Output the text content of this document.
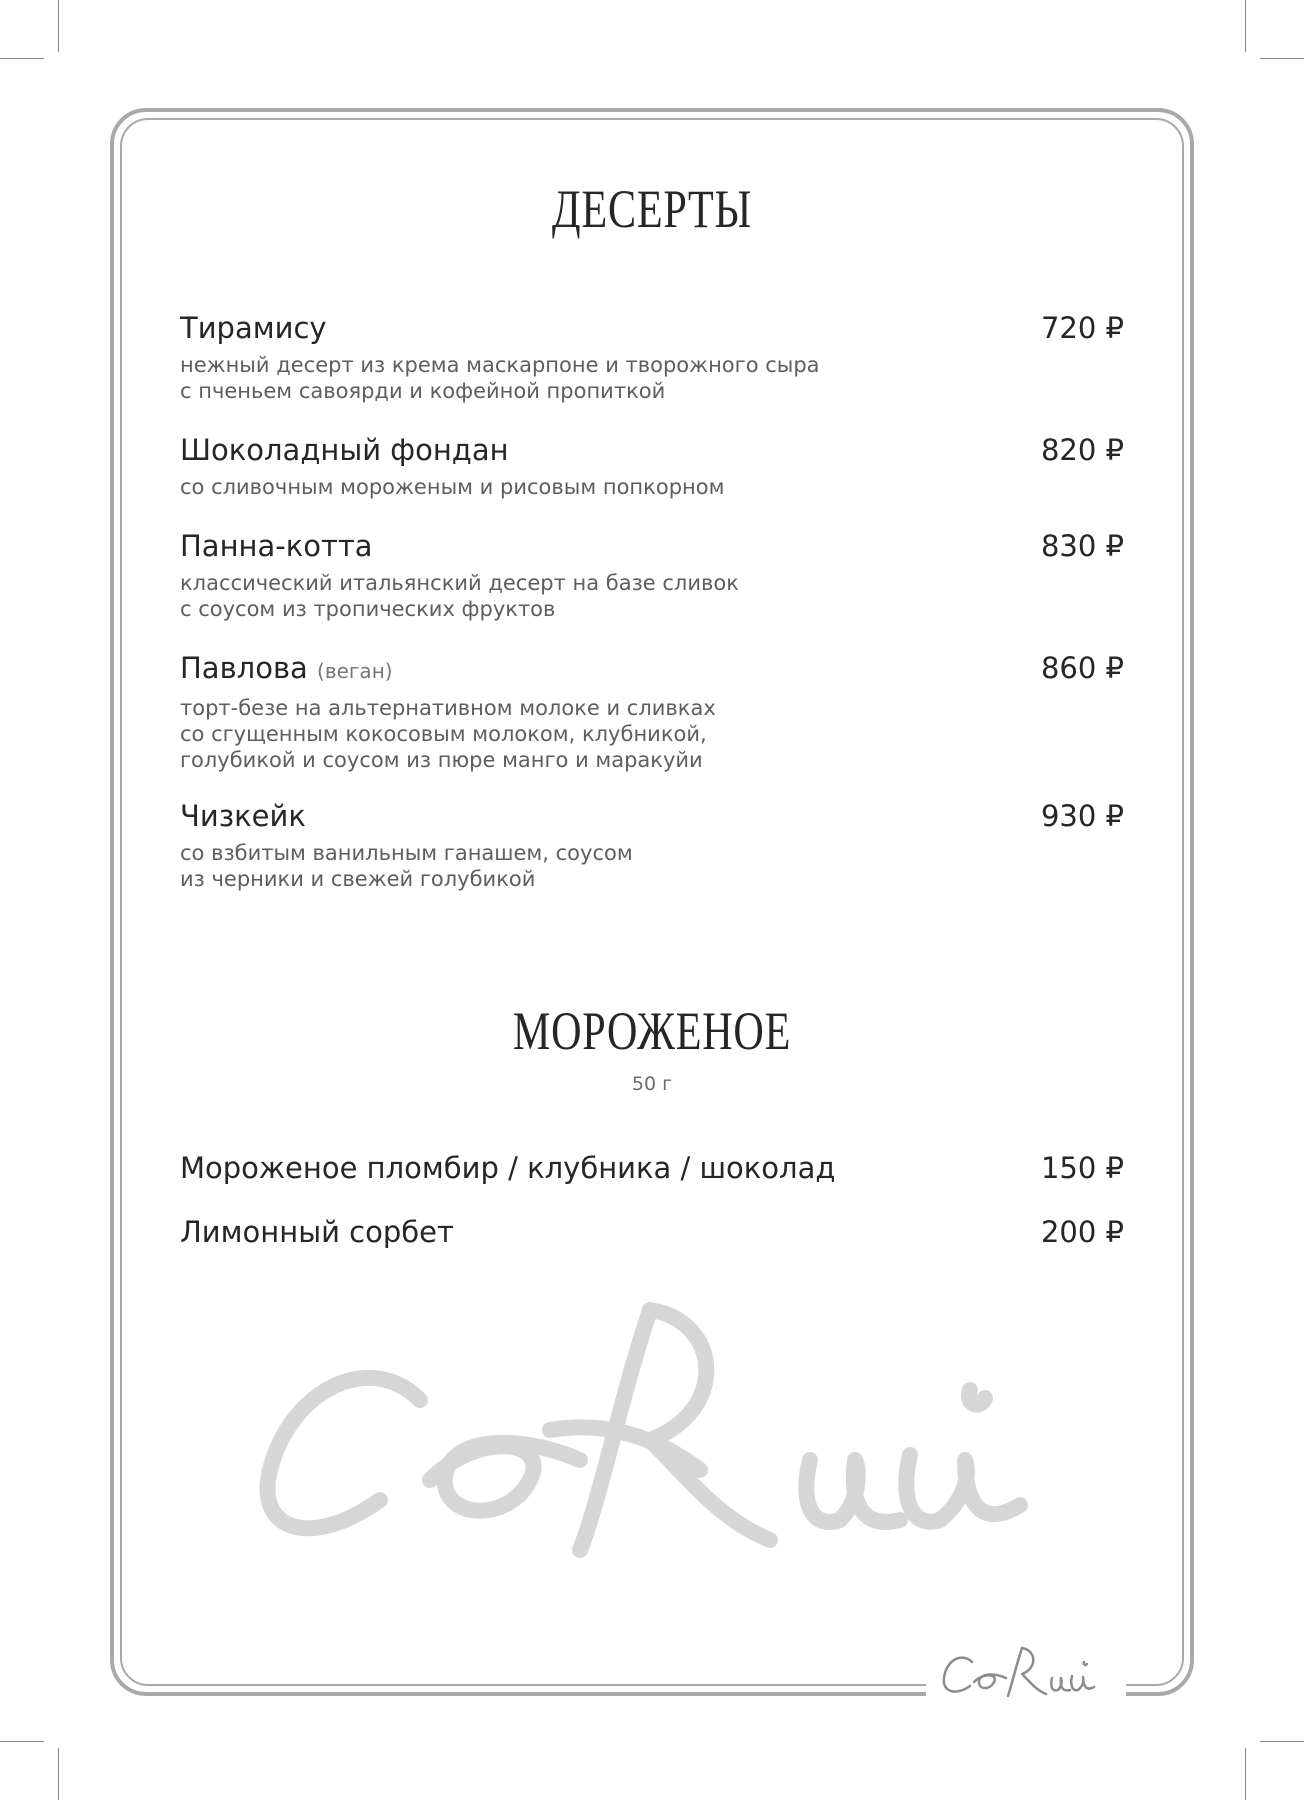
ДЕСЕРТЫ
Тирамису	720 ₽
нежный десерт из крема маскарпоне и творожного сыра
с пченьем савоярди и кофейной пропиткой
Шоколадный фондан	820 ₽
со сливочным мороженым и рисовым попкорном
Панна-котта	830 ₽
классический итальянский десерт на базе сливок
с соусом из тропических фруктов
Павлова (веган)	860 ₽
торт-безе на альтернативном молоке и сливках
со сгущенным кокосовым молоком, клубникой,
голубикой и соусом из пюре манго и маракуйи
Чизкейк	930 ₽
со взбитым ванильным ганашем, соусом
из черники и свежей голубикой
МОРОЖЕНОЕ
50 г
Мороженое пломбир / клубника / шоколад	150 ₽
Лимонный сорбет	200 ₽
